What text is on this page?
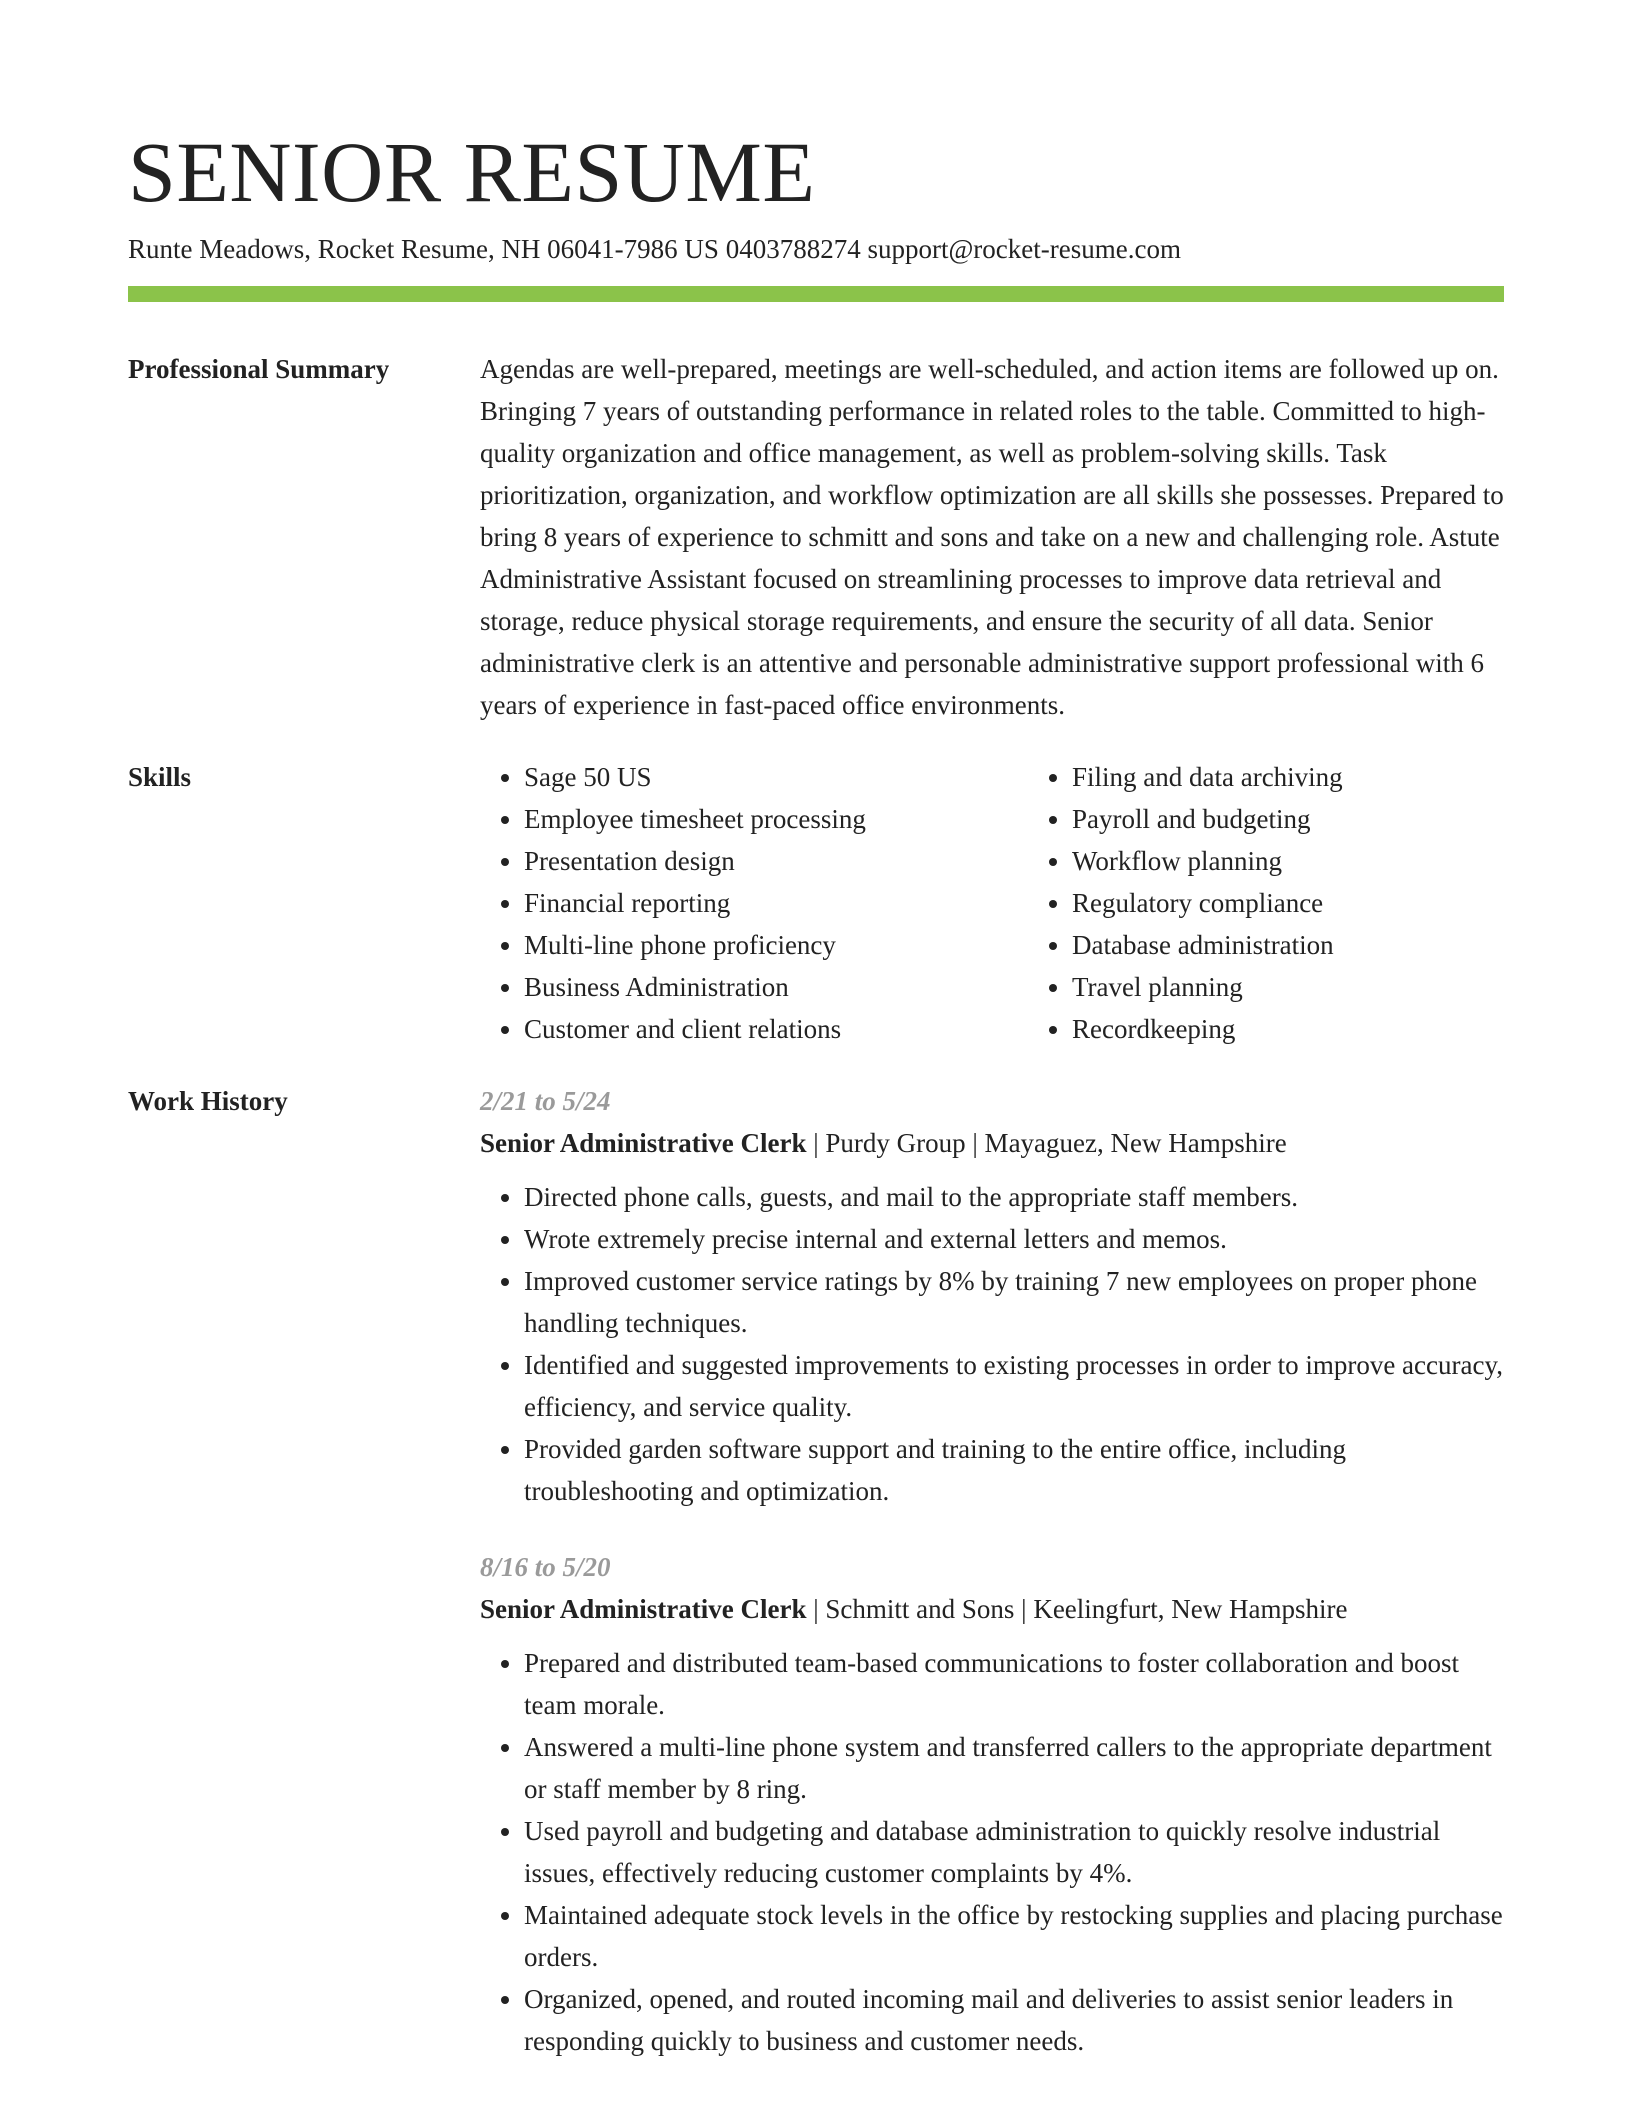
SENIOR RESUME
Runte Meadows, Rocket Resume, NH 06041-7986 US 0403788274 support@rocket-resume.com
Professional Summary	Agendas are well-prepared, meetings are well-scheduled, and action items are followed up on. Bringing 7 years of outstanding performance in related roles to the table. Committed to high-quality organization and office management, as well as problem-solving skills. Task prioritization, organization, and workflow optimization are all skills she possesses. Prepared to bring 8 years of experience to schmitt and sons and take on a new and challenging role. Astute Administrative Assistant focused on streamlining processes to improve data retrieval and storage, reduce physical storage requirements, and ensure the security of all data. Senior administrative clerk is an attentive and personable administrative support professional with 6 years of experience in fast-paced office environments.

Skills
•	Sage 50 US
• Employee timesheet processing
• Presentation design
• Financial reporting
• Multi-line phone proficiency
• Business Administration
• Customer and client relations
• Filing and data archiving
• Payroll and budgeting
• Workflow planning
• Regulatory compliance
• Database administration
• Travel planning
• Recordkeeping
Work History	2/21 to 5/24
Senior Administrative Clerk | Purdy Group | Mayaguez, New Hampshire
• Directed phone calls, guests, and mail to the appropriate staff members.
• Wrote extremely precise internal and external letters and memos.
• Improved customer service ratings by 8% by training 7 new employees on proper phone handling techniques.
• Identified and suggested improvements to existing processes in order to improve accuracy, efficiency, and service quality.
• Provided garden software support and training to the entire office, including troubleshooting and optimization.
8/16 to 5/20
Senior Administrative Clerk | Schmitt and Sons | Keelingfurt, New Hampshire
• Prepared and distributed team-based communications to foster collaboration and boost team morale.
• Answered a multi-line phone system and transferred callers to the appropriate department or staff member by 8 ring.
• Used payroll and budgeting and database administration to quickly resolve industrial issues, effectively reducing customer complaints by 4%.
• Maintained adequate stock levels in the office by restocking supplies and placing purchase orders.
• Organized, opened, and routed incoming mail and deliveries to assist senior leaders in responding quickly to business and customer needs.
